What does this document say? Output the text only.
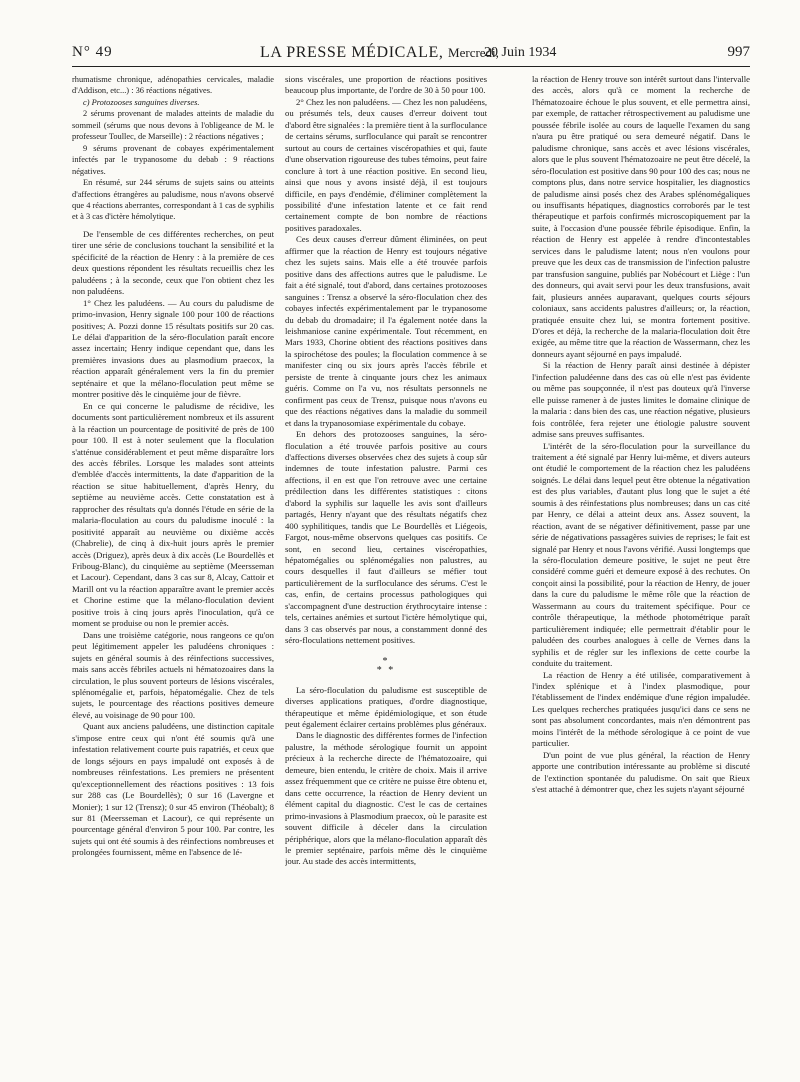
N° 49	LA PRESSE MÉDICALE, Mercredi,
20 Juin 1934	997

rhumatisme chronique, adénopathies cervicales, maladie d'Addison, etc...) : 36 réactions négatives.

c) Protozooses sanguines diverses.

2 sérums provenant de malades atteints de maladie du sommeil (sérums que nous devons à l'obligeance de M. le professeur Toullec, de Marseille) : 2 réactions négatives ;

9 sérums provenant de cobayes expérimentalement infectés par le trypanosome du debab : 9 réactions négatives.

En résumé, sur 244 sérums de sujets sains ou atteints d'affections étrangères au paludisme, nous n'avons observé que 4 réactions aberrantes, correspondant à 1 cas de syphilis et à 3 cas d'ictère hémolytique.

De l'ensemble de ces différentes recherches, on peut tirer une série de conclusions touchant la sensibilité et la spécificité de la réaction de Henry : à la première de ces deux questions répondent les résultats recueillis chez les paludéens ; à la seconde, ceux que l'on obtient chez les non paludéens.

1° Chez les paludéens. — Au cours du paludisme de primo-invasion, Henry signale 100 pour 100 de réactions positives; A. Pozzi donne 15 résultats positifs sur 20 cas. Le délai d'apparition de la séro-floculation paraît encore assez incertain; Henry indique cependant que, dans les premières invasions dues au plasmodium praecox, la réaction apparaît généralement vers la fin du premier septénaire et que la mélano-floculation peut même se montrer positive dès le cinquième jour de fièvre.

En ce qui concerne le paludisme de récidive, les documents sont particulièrement nombreux et ils assurent à la réaction un pourcentage de positivité de près de 100 pour 100. Il est à noter seulement que la floculation s'atténue considérablement et peut même disparaître lors des accès fébriles. Lorsque les malades sont atteints d'emblée d'accès intermittents, la date d'apparition de la réaction se situe habituellement, d'après Henry, du septième au neuvième accès. Cette constatation est à rapprocher des résultats qu'a donnés l'étude en série de la malaria-floculation au cours du paludisme inoculé : la positivité apparaît au neuvième ou dixième accès (Chabrelie), de cinq à dix-huit jours après le premier accès (Driguez), après deux à dix accès (Le Bourdellès et Friboug-Blanc), du cinquième au septième (Meersseman et Lacour). Cependant, dans 3 cas sur 8, Alcay, Cattoir et Marill ont vu la réaction apparaître avant le premier accès et Chorine estime que la mélano-floculation devient positive trois à cinq jours après l'inoculation, qu'à ce moment se produise ou non le premier accès.

Dans une troisième catégorie, nous rangeons ce qu'on peut légitimement appeler les paludéens chroniques : sujets en général soumis à des réinfections successives, mais sans accès fébriles actuels ni hématozoaires dans la circulation, le plus souvent porteurs de lésions viscérales, splénomégalie et, parfois, hépatomégalie. Chez de tels sujets, le pourcentage des réactions positives demeure élevé, au voisinage de 90 pour 100.

Quant aux anciens paludéens, une distinction capitale s'impose entre ceux qui n'ont été soumis qu'à une infestation relativement courte puis rapatriés, et ceux que de longs séjours en pays impaludé ont exposés à de nombreuses réinfestations. Les premiers ne présentent qu'exceptionnellement des réactions positives : 13 fois sur 288 cas (Le Bourdellès); 0 sur 16 (Lavergne et Monier); 1 sur 12 (Trensz); 0 sur 45 environ (Théobalt); 8 sur 81 (Meersseman et Lacour), ce qui représente un pourcentage général d'environ 5 pour 100. Par contre, les sujets qui ont été soumis à des réinfections nombreuses et prolongées fournissent, même en l'absence de lé-

sions viscérales, une proportion de réactions positives beaucoup plus importante, de l'ordre de 30 à 50 pour 100.

2° Chez les non paludéens. — Chez les non paludéens, ou présumés tels, deux causes d'erreur doivent tout d'abord être signalées : la première tient à la surfloculance de certains sérums, surfloculance qui paraît se rencontrer surtout au cours de certaines viscéropathies et qui, faute d'une observation rigoureuse des tubes témoins, peut faire conclure à tort à une réaction positive. En second lieu, ainsi que nous y avons insisté déjà, il est toujours difficile, en pays d'endémie, d'éliminer complètement la possibilité d'une infestation latente et ce fait rend certainement compte de bon nombre de réactions positives paradoxales.

Ces deux causes d'erreur dûment éliminées, on peut affirmer que la réaction de Henry est toujours négative chez les sujets sains. Mais elle a été trouvée parfois positive dans des affections autres que le paludisme. Le fait a été signalé, tout d'abord, dans certaines protozooses sanguines : Trensz a observé la séro-floculation chez des cobayes infectés expérimentalement par le trypanosome du debab du dromadaire; il l'a également notée dans la leishmaniose canine expérimentale. Tout récemment, en Mars 1933, Chorine obtient des réactions positives dans la spirochétose des poules; la floculation commence à se manifester cinq ou six jours après l'accès fébrile et persiste de trente à cinquante jours chez les animaux guéris. Comme on l'a vu, nos résultats personnels ne confirment pas ceux de Trensz, puisque nous n'avons eu que des réactions négatives dans la maladie du sommeil et dans la trypanosomiase expérimentale du cobaye.

En dehors des protozooses sanguines, la séro-floculation a été trouvée parfois positive au cours d'affections diverses observées chez des sujets à coup sûr indemnes de toute infestation palustre. Parmi ces affections, il en est que l'on retrouve avec une certaine prédilection dans les différentes statistiques : citons d'abord la syphilis sur laquelle les avis sont d'ailleurs partagés, Henry n'ayant que des résultats négatifs chez 400 syphilitiques, tandis que Le Bourdellès et Liégeois, Fargot, nous-même observons quelques cas positifs. Ce sont, en second lieu, certaines viscéropathies, hépatomégalies ou splénomégalies non palustres, au cours desquelles il faut d'ailleurs se méfier tout particulièrement de la surfloculance des sérums. C'est le cas, enfin, de certains processus pathologiques qui s'accompagnent d'une destruction érythrocytaire intense : tels, certaines anémies et surtout l'ictère hémolytique qui, dans 3 cas observés par nous, a constamment donné des séro-floculations nettement positives.

*
* *

La séro-floculation du paludisme est susceptible de diverses applications pratiques, d'ordre diagnostique, thérapeutique et même épidémiologique, et son étude peut également éclairer certains problèmes plus généraux.

Dans le diagnostic des différentes formes de l'infection palustre, la méthode sérologique fournit un appoint précieux à la recherche directe de l'hématozoaire, qui demeure, bien entendu, le critère de choix. Mais il arrive assez fréquemment que ce critère ne puisse être obtenu et, dans cette occurrence, la réaction de Henry devient un élément capital du diagnostic. C'est le cas de certaines primo-invasions à Plasmodium praecox, où le parasite est souvent difficile à déceler dans la circulation périphérique, alors que la mélano-floculation apparaît dès le premier septénaire, parfois même dès le cinquième jour. Au stade des accès intermittents,

la réaction de Henry trouve son intérêt surtout dans l'intervalle des accès, alors qu'à ce moment la recherche de l'hématozoaire échoue le plus souvent, et elle permettra ainsi, par exemple, de rattacher rétrospectivement au paludisme une poussée fébrile isolée au cours de laquelle l'examen du sang n'aura pu être pratiqué ou sera demeuré négatif. Dans le paludisme chronique, sans accès et avec lésions viscérales, alors que le plus souvent l'hématozoaire ne peut être décelé, la séro-floculation est positive dans 90 pour 100 des cas; nous ne comptons plus, dans notre service hospitalier, les diagnostics de paludisme ainsi posés chez des Arabes splénomégaliques ou insuffisants hépatiques, diagnostics corroborés par le test thérapeutique et parfois confirmés microscopiquement par la suite, à l'occasion d'une poussée fébrile épisodique. Enfin, la réaction de Henry est appelée à rendre d'incontestables services dans le paludisme latent; nous n'en voulons pour preuve que les deux cas de transmission de l'infection palustre par transfusion sanguine, publiés par Nobécourt et Liège : l'un des donneurs, qui avait servi pour les deux transfusions, avait fait, plusieurs années auparavant, quelques courts séjours coloniaux, sans accidents palustres d'ailleurs; or, la réaction, pratiquée ensuite chez lui, se montra fortement positive. D'ores et déjà, la recherche de la malaria-floculation doit être exigée, au même titre que la réaction de Wassermann, chez les donneurs ayant séjourné en pays impaludé.

Si la réaction de Henry paraît ainsi destinée à dépister l'infection paludéenne dans des cas où elle n'est pas évidente ou même pas soupçonnée, il n'est pas douteux qu'à l'inverse elle puisse ramener à de justes limites le domaine clinique de la malaria : dans bien des cas, une réaction négative, plusieurs fois contrôlée, fera rejeter une étiologie palustre souvent admise sans preuves suffisantes.

L'intérêt de la séro-floculation pour la surveillance du traitement a été signalé par Henry lui-même, et divers auteurs ont étudié le comportement de la réaction chez les paludéens soignés. Le délai dans lequel peut être obtenue la négativation est des plus variables, d'autant plus long que le sujet a été soumis à des réinfestations plus nombreuses; dans un cas cité par Henry, ce délai a atteint deux ans. Assez souvent, la réaction, avant de se négativer définitivement, passe par une série de négativations passagères suivies de reprises; le fait est signalé par Henry et nous l'avons vérifié. Aussi longtemps que la séro-floculation demeure positive, le sujet ne peut être considéré comme guéri et demeure exposé à des rechutes. On conçoit ainsi la possibilité, pour la réaction de Henry, de jouer dans la cure du paludisme le même rôle que la réaction de Wassermann au cours du traitement spécifique. Pour ce contrôle thérapeutique, la méthode photométrique paraît particulièrement indiquée; elle permettrait d'établir pour le paludéen des courbes analogues à celle de Vernes dans la syphilis et de régler sur les inflexions de cette courbe la conduite du traitement.

La réaction de Henry a été utilisée, comparativement à l'index splénique et à l'index plasmodique, pour l'établissement de l'index endémique d'une région impaludée. Les quelques recherches pratiquées jusqu'ici dans ce sens ne sont pas absolument concordantes, mais n'en démontrent pas moins l'intérêt de la méthode sérologique à ce point de vue particulier.

D'un point de vue plus général, la réaction de Henry apporte une contribution intéressante au problème si discuté de l'extinction spontanée du paludisme. On sait que Rieux s'est attaché à démontrer que, chez les sujets n'ayant séjourné
